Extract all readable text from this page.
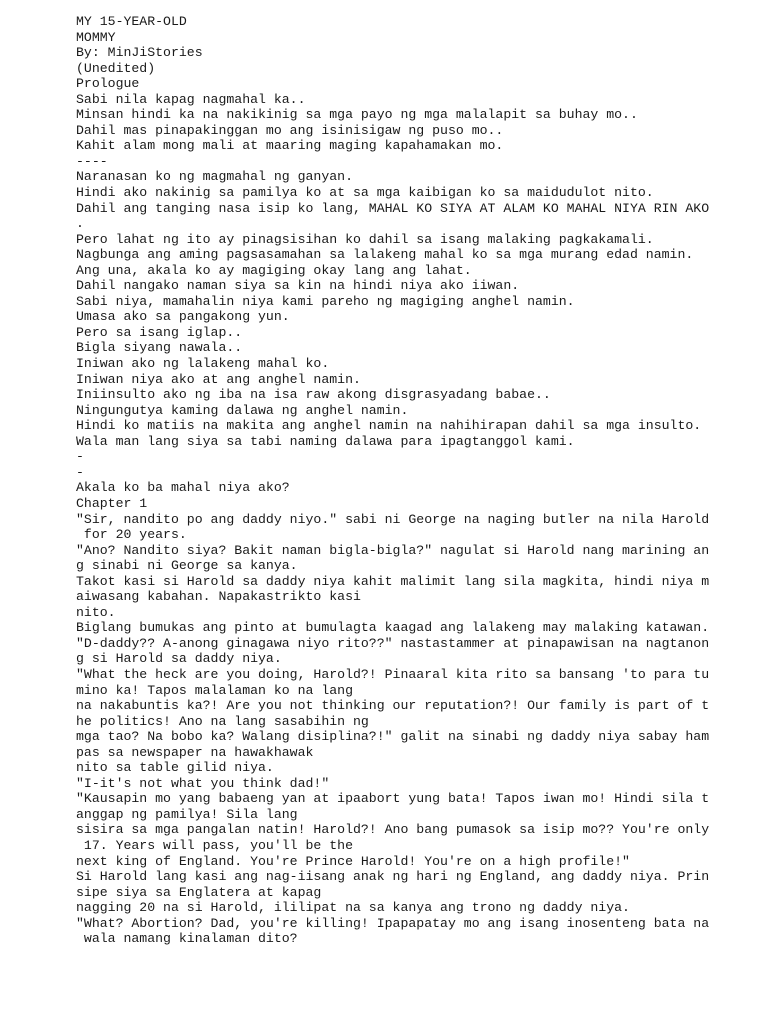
MY 15-YEAR-OLD
MOMMY
By: MinJiStories
(Unedited)
Prologue
Sabi nila kapag nagmahal ka..
Minsan hindi ka na nakikinig sa mga payo ng mga malalapit sa buhay mo..
Dahil mas pinapakinggan mo ang isinisigaw ng puso mo..
Kahit alam mong mali at maaring maging kapahamakan mo.
----
Naranasan ko ng magmahal ng ganyan.
Hindi ako nakinig sa pamilya ko at sa mga kaibigan ko sa maidudulot nito.
Dahil ang tanging nasa isip ko lang, MAHAL KO SIYA AT ALAM KO MAHAL NIYA RIN AKO
.
Pero lahat ng ito ay pinagsisihan ko dahil sa isang malaking pagkakamali.
Nagbunga ang aming pagsasamahan sa lalakeng mahal ko sa mga murang edad namin.
Ang una, akala ko ay magiging okay lang ang lahat.
Dahil nangako naman siya sa kin na hindi niya ako iiwan.
Sabi niya, mamahalin niya kami pareho ng magiging anghel namin.
Umasa ako sa pangakong yun.
Pero sa isang iglap..
Bigla siyang nawala..
Iniwan ako ng lalakeng mahal ko.
Iniwan niya ako at ang anghel namin.
Iniinsulto ako ng iba na isa raw akong disgrasyadang babae..
Ningungutya kaming dalawa ng anghel namin.
Hindi ko matiis na makita ang anghel namin na nahihirapan dahil sa mga insulto.
Wala man lang siya sa tabi naming dalawa para ipagtanggol kami.
-
-
Akala ko ba mahal niya ako?
Chapter 1
"Sir, nandito po ang daddy niyo." sabi ni George na naging butler na nila Harold
for 20 years.
"Ano? Nandito siya? Bakit naman bigla-bigla?" nagulat si Harold nang marining an
g sinabi ni George sa kanya.
Takot kasi si Harold sa daddy niya kahit malimit lang sila magkita, hindi niya m
aiwasang kabahan. Napakastrikto kasi
nito.
Biglang bumukas ang pinto at bumulagta kaagad ang lalakeng may malaking katawan.
"D-daddy?? A-anong ginagawa niyo rito??" nastastammer at pinapawisan na nagtanon
g si Harold sa daddy niya.
"What the heck are you doing, Harold?! Pinaaral kita rito sa bansang 'to para tu
mino ka! Tapos malalaman ko na lang
na nakabuntis ka?! Are you not thinking our reputation?! Our family is part of t
he politics! Ano na lang sasabihin ng
mga tao? Na bobo ka? Walang disiplina?!" galit na sinabi ng daddy niya sabay ham
pas sa newspaper na hawakhawak
nito sa table gilid niya.
"I-it's not what you think dad!"
"Kausapin mo yang babaeng yan at ipaabort yung bata! Tapos iwan mo! Hindi sila t
anggap ng pamilya! Sila lang
sisira sa mga pangalan natin! Harold?! Ano bang pumasok sa isip mo?? You're only
17. Years will pass, you'll be the
next king of England. You're Prince Harold! You're on a high profile!"
Si Harold lang kasi ang nag-iisang anak ng hari ng England, ang daddy niya. Prin
sipe siya sa Englatera at kapag
nagging 20 na si Harold, ililipat na sa kanya ang trono ng daddy niya.
"What? Abortion? Dad, you're killing! Ipapapatay mo ang isang inosenteng bata na
wala namang kinalaman dito?
